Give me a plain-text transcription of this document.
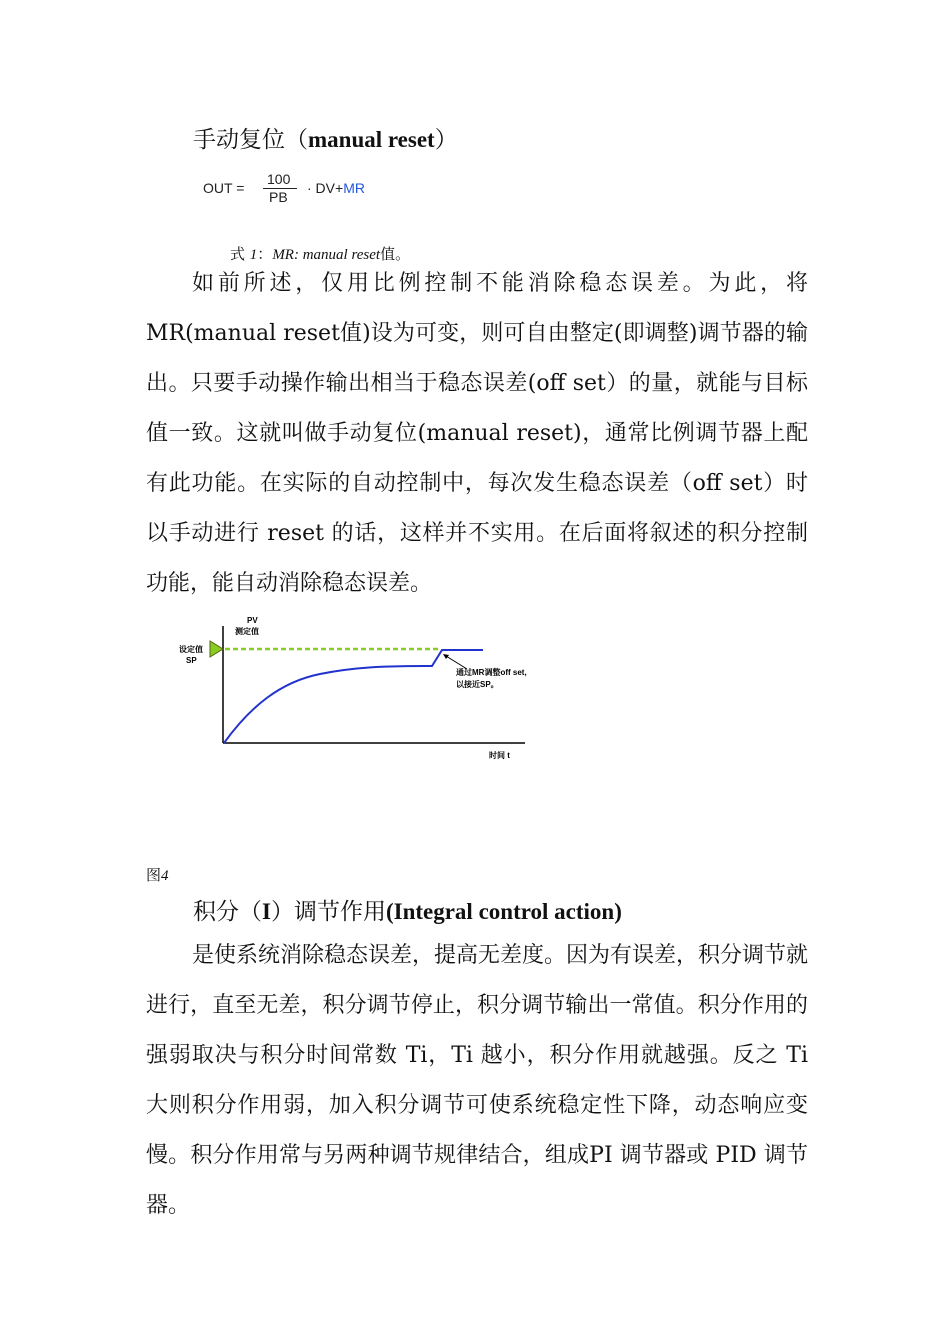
手动复位（manual reset）
OUT =
100
PB
· DV+MR
式 1：MR: manual reset值。

如前所述，仅用比例控制不能消除稳态误差。为此，将MR(manual reset值)设为可变，则可自由整定(即调整)调节器的输出。只要手动操作输出相当于稳态误差(off set）的量，就能与目标值一致。这就叫做手动复位(manual reset)，通常比例调节器上配有此功能。在实际的自动控制中，每次发生稳态误差（off set）时以手动进行 reset 的话，这样并不实用。在后面将叙述的积分控制功能，能自动消除稳态误差。

PV
测定值
设定值
SP
通过MR调整off set,
以接近SP。
时间 t
图4
积分（I）调节作用(Integral control action)

是使系统消除稳态误差，提高无差度。因为有误差，积分调节就进行，直至无差，积分调节停止，积分调节输出一常值。积分作用的强弱取决与积分时间常数 Ti，Ti 越小，积分作用就越强。反之 Ti 大则积分作用弱，加入积分调节可使系统稳定性下降，动态响应变慢。积分作用常与另两种调节规律结合，组成PI 调节器或 PID 调节器。
